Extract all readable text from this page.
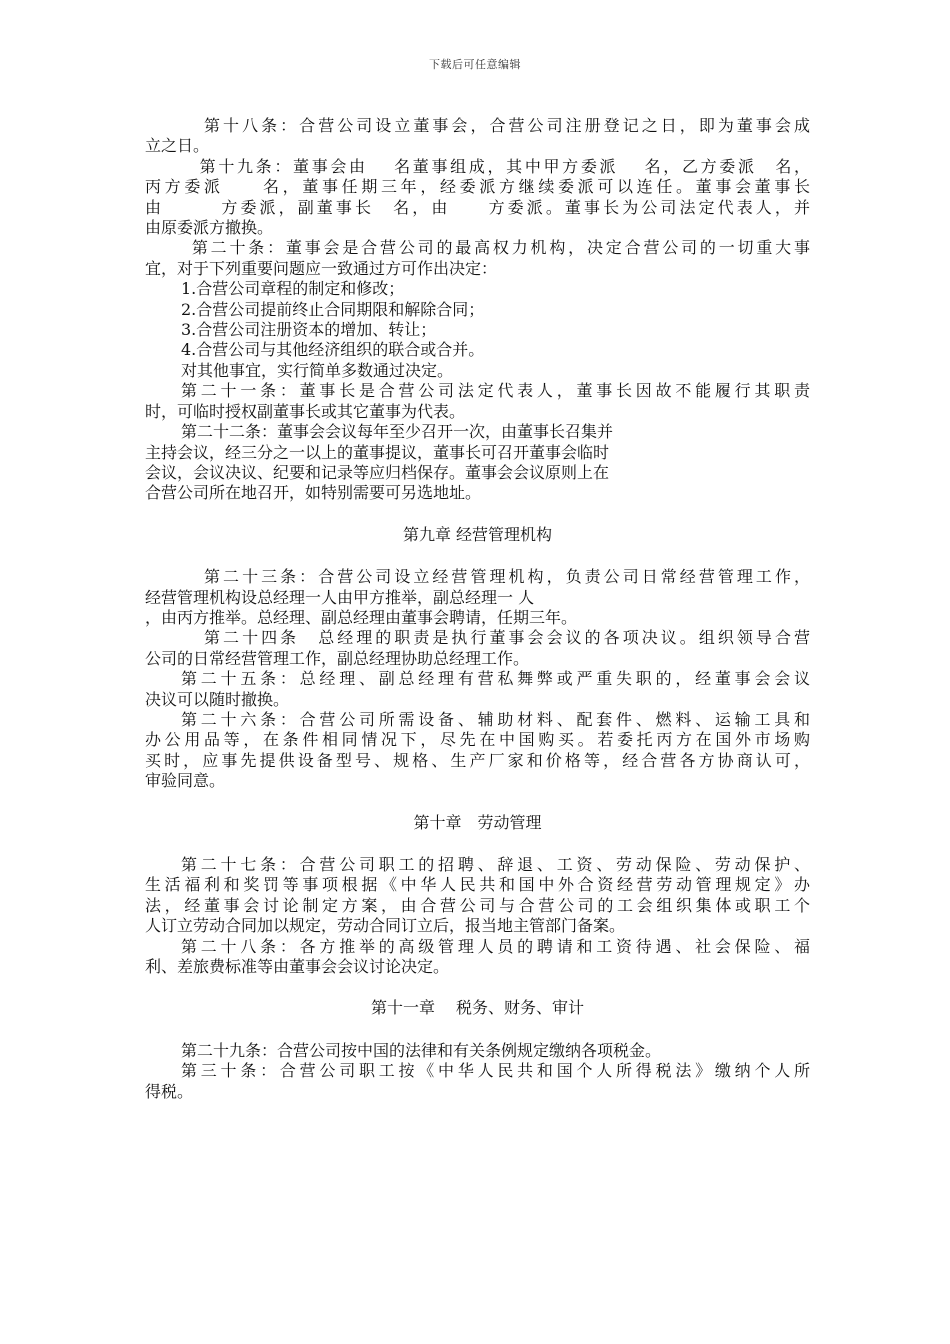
下载后可任意编辑
　第十八条：合营公司设立董事会，合营公司注册登记之日，即为董事会成
立之日。
　第十九条：董事会由　 名董事组成，其中甲方委派　 名，乙方委派　名，
丙方委派　　名，董事任期三年，经委派方继续委派可以连任。董事会董事长
由　　　方委派，副董事长　名，由　　方委派。董事长为公司法定代表人，并
由原委派方撤换。
　第二十条：董事会是合营公司的最高权力机构，决定合营公司的一切重大事
宜，对于下列重要问题应一致通过方可作出决定：
1.合营公司章程的制定和修改；
2.合营公司提前终止合同期限和解除合同；
3.合营公司注册资本的增加、转让；
4.合营公司与其他经济组织的联合或合并。
对其他事宜，实行简单多数通过决定。
第二十一条：董事长是合营公司法定代表人，董事长因故不能履行其职责
时，可临时授权副董事长或其它董事为代表。
第二十二条：董事会会议每年至少召开一次，由董事长召集并
主持会议，经三分之一以上的董事提议，董事长可召开董事会临时
会议，会议决议、纪要和记录等应归档保存。董事会会议原则上在
合营公司所在地召开，如特别需要可另选地址。
第九章 经营管理机构
　第二十三条：合营公司设立经营管理机构，负责公司日常经营管理工作，
经营管理机构设总经理一人由甲方推举，副总经理一 人
，由丙方推举。总经理、副总经理由董事会聘请，任期三年。
　第二十四条　总经理的职责是执行董事会会议的各项决议。组织领导合营
公司的日常经营管理工作，副总经理协助总经理工作。
第二十五条：总经理、副总经理有营私舞弊或严重失职的，经董事会会议
决议可以随时撤换。
第二十六条：合营公司所需设备、辅助材料、配套件、燃料、运输工具和
办公用品等，在条件相同情况下，尽先在中国购买。若委托丙方在国外市场购
买时，应事先提供设备型号、规格、生产厂家和价格等，经合营各方协商认可，
审验同意。
第十章　劳动管理
第二十七条：合营公司职工的招聘、辞退、工资、劳动保险、劳动保护、
生活福利和奖罚等事项根据《中华人民共和国中外合资经营劳动管理规定》办
法，经董事会讨论制定方案，由合营公司与合营公司的工会组织集体或职工个
人订立劳动合同加以规定，劳动合同订立后，报当地主管部门备案。
第二十八条：各方推举的高级管理人员的聘请和工资待遇、社会保险、福
利、差旅费标准等由董事会会议讨论决定。
第十一章　 税务、财务、审计
第二十九条：合营公司按中国的法律和有关条例规定缴纳各项税金。
第三十条：合营公司职工按《中华人民共和国个人所得税法》缴纳个人所
得税。
